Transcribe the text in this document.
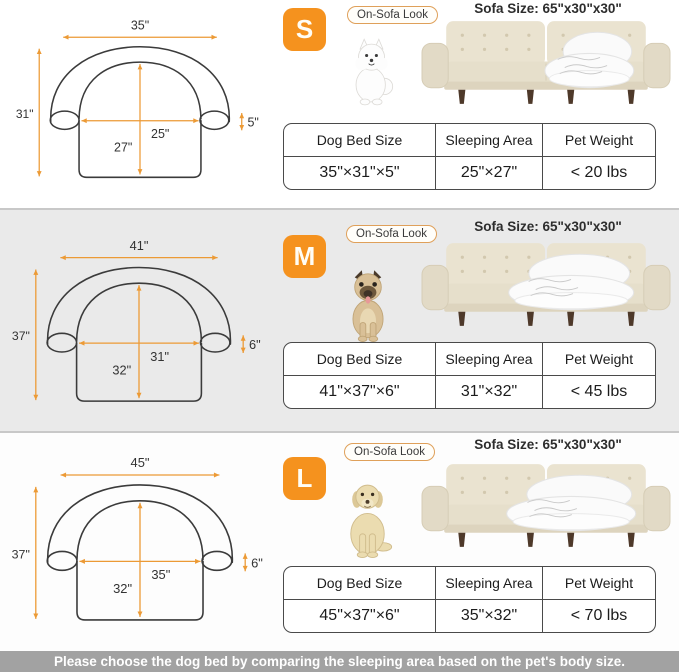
35"
31"
25"
27"
5"
S	On-Sofa Look	Sofa Size: 65"x30"x30"
Dog Bed Size	Sleeping Area	Pet Weight
35"×31"×5"	25"×27"	< 20 lbs
41"
37"
31"
32"
6"
M
On-Sofa Look	Sofa Size: 65"x30"x30"
Dog Bed Size	Sleeping Area	Pet Weight
41"×37"×6"	31"×32"	< 45 lbs
45"
37"
35"
32"
6"
L
On-Sofa Look	Sofa Size: 65"x30"x30"
Dog Bed Size	Sleeping Area	Pet Weight
45"×37"×6"	35"×32"	< 70 lbs
Please choose the dog bed by comparing the sleeping area based on the pet's body size.
